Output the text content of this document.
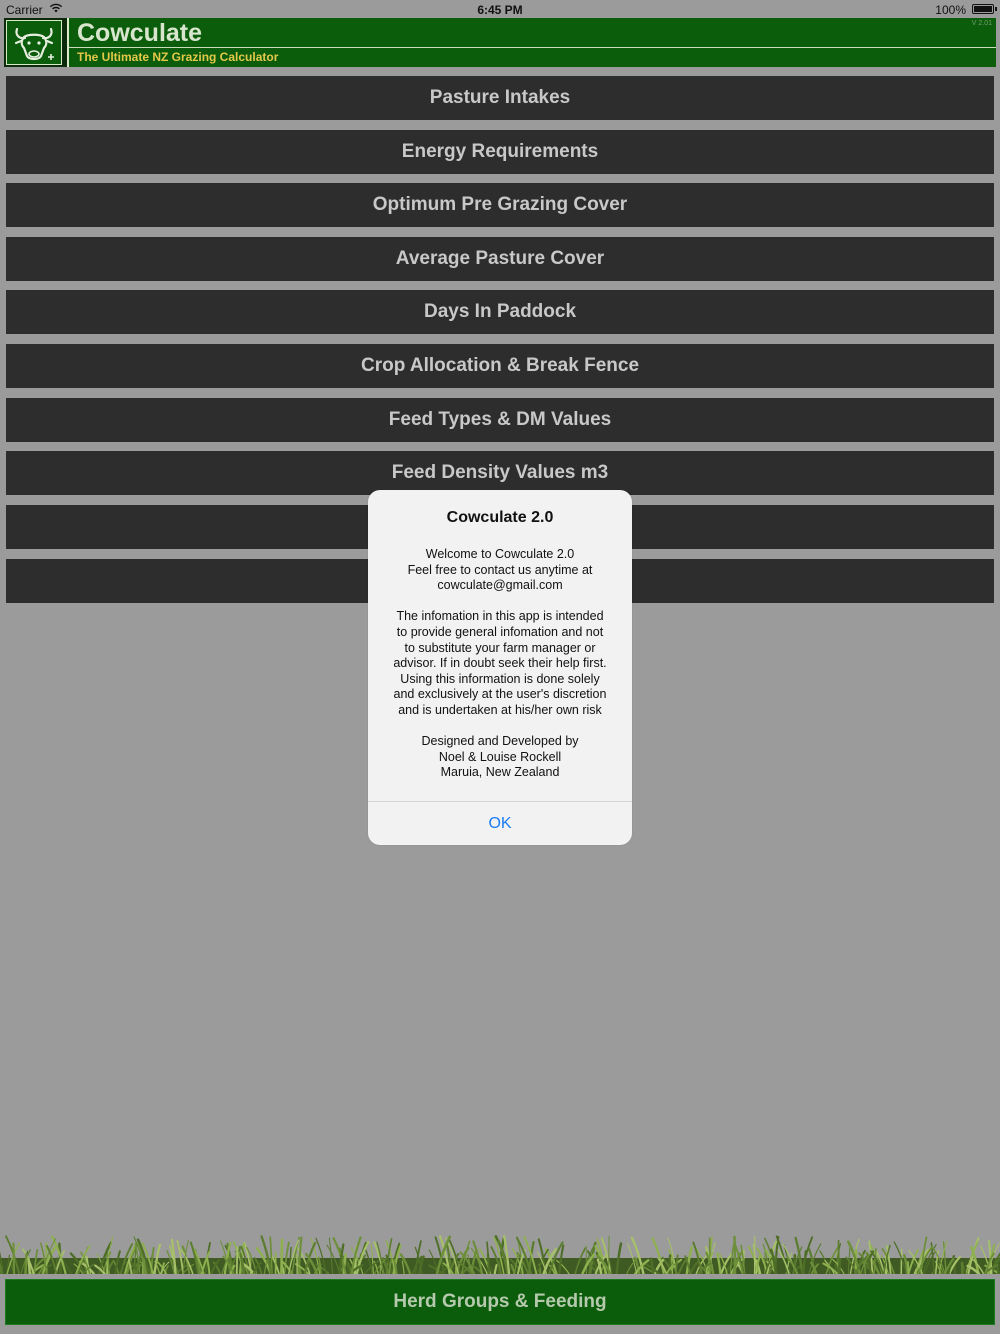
Carrier	6:45 PM	100%
Cowculate
The Ultimate NZ Grazing Calculator
V 2.01
Pasture Intakes
Energy Requirements
Optimum Pre Grazing Cover
Average Pasture Cover
Days In Paddock
Crop Allocation & Break Fence
Feed Types & DM Values
Feed Density Values m3
Herd Groups & Feeding
Cowculate 2.0
Welcome to Cowculate 2.0
Feel free to contact us anytime at
cowculate@gmail.com
The infomation in this app is intended
to provide general infomation and not
to substitute your farm manager or
advisor. If in doubt seek their help first.
Using this information is done solely
and exclusively at the user's discretion
and is undertaken at his/her own risk
Designed and Developed by
Noel & Louise Rockell
Maruia, New Zealand
OK
